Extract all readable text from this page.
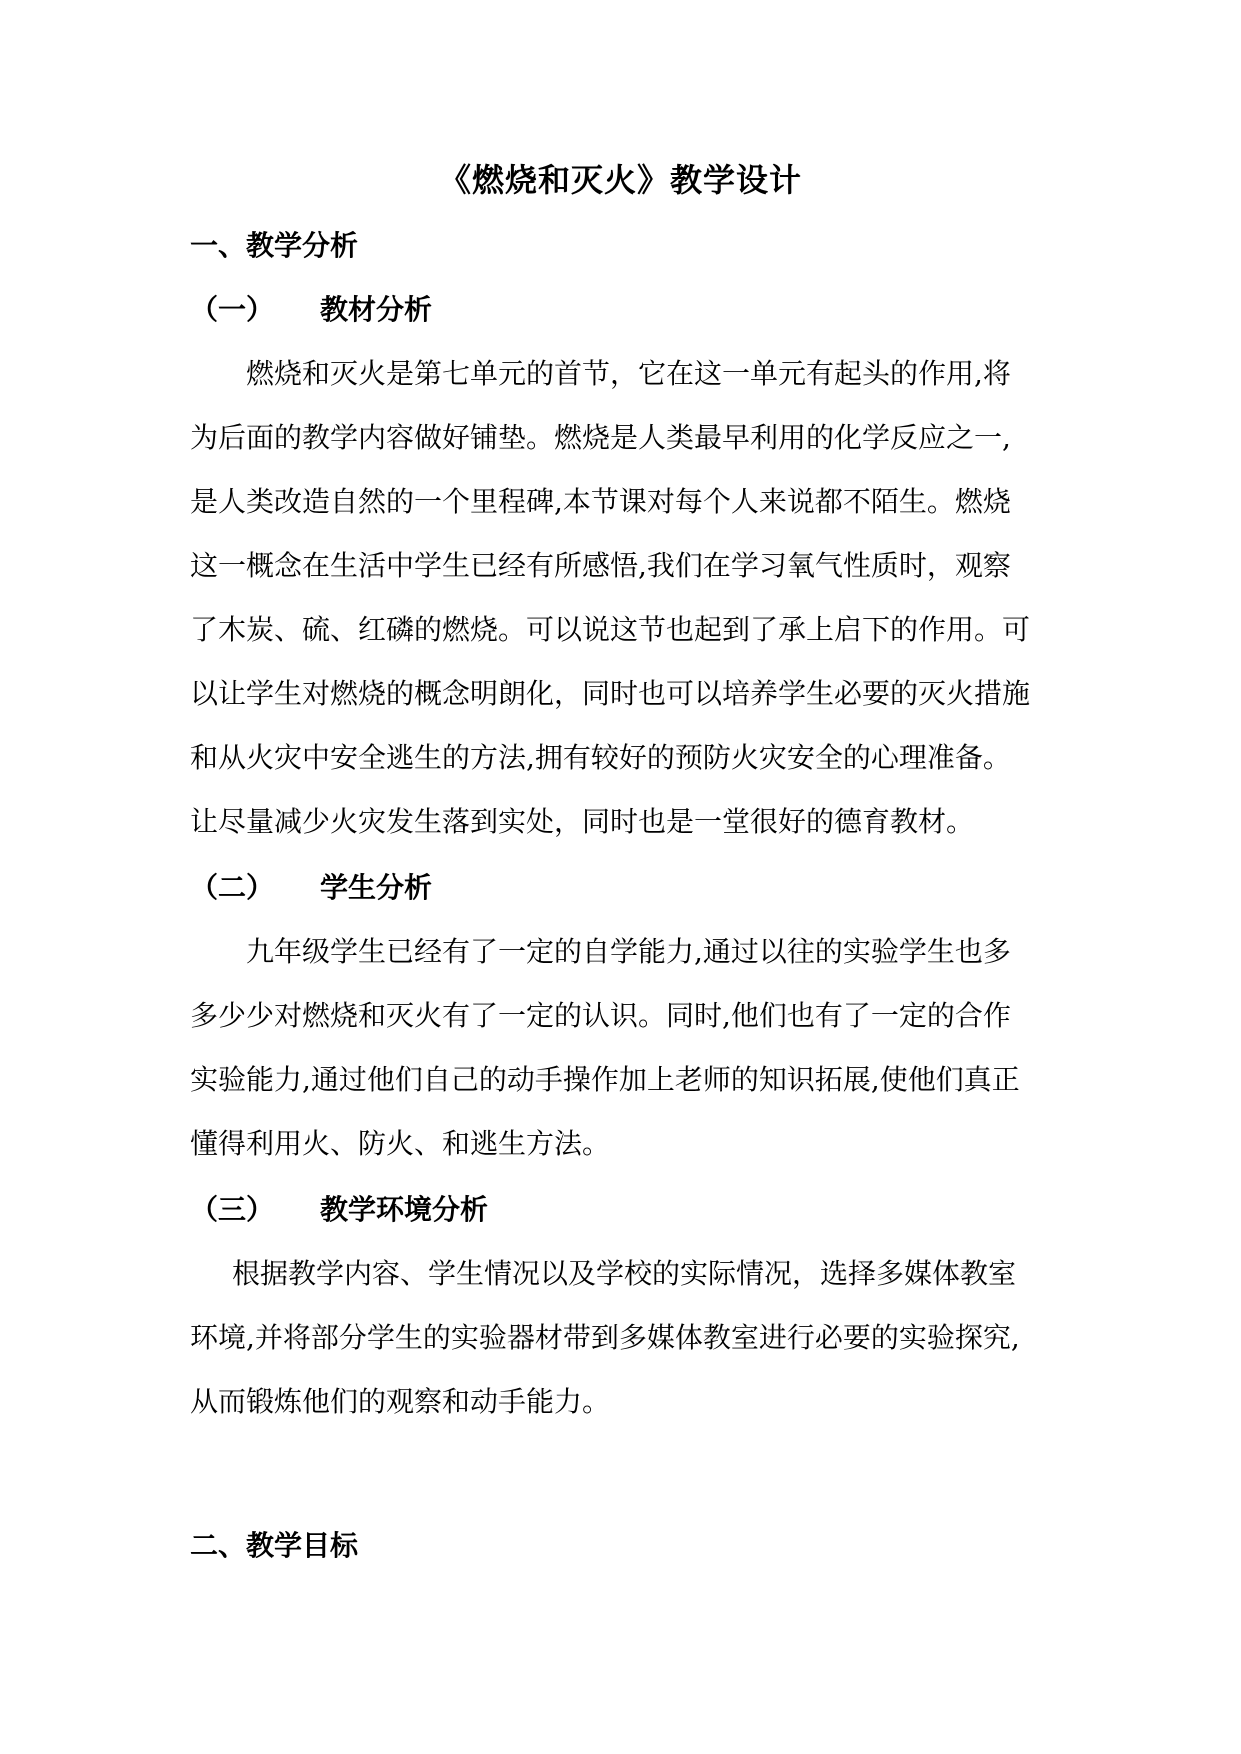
《燃烧和灭火》教学设计
一、教学分析
（一） 教材分析
燃烧和灭火是第七单元的首节，它在这一单元有起头的作用,将
为后面的教学内容做好铺垫。燃烧是人类最早利用的化学反应之一,
是人类改造自然的一个里程碑,本节课对每个人来说都不陌生。燃烧
这一概念在生活中学生已经有所感悟,我们在学习氧气性质时，观察
了木炭、硫、红磷的燃烧。可以说这节也起到了承上启下的作用。可
以让学生对燃烧的概念明朗化，同时也可以培养学生必要的灭火措施
和从火灾中安全逃生的方法,拥有较好的预防火灾安全的心理准备。
让尽量减少火灾发生落到实处，同时也是一堂很好的德育教材。
（二） 学生分析
九年级学生已经有了一定的自学能力,通过以往的实验学生也多
多少少对燃烧和灭火有了一定的认识。同时,他们也有了一定的合作
实验能力,通过他们自己的动手操作加上老师的知识拓展,使他们真正
懂得利用火、防火、和逃生方法。
（三） 教学环境分析
根据教学内容、学生情况以及学校的实际情况，选择多媒体教室
环境,并将部分学生的实验器材带到多媒体教室进行必要的实验探究,
从而锻炼他们的观察和动手能力。
二、教学目标
